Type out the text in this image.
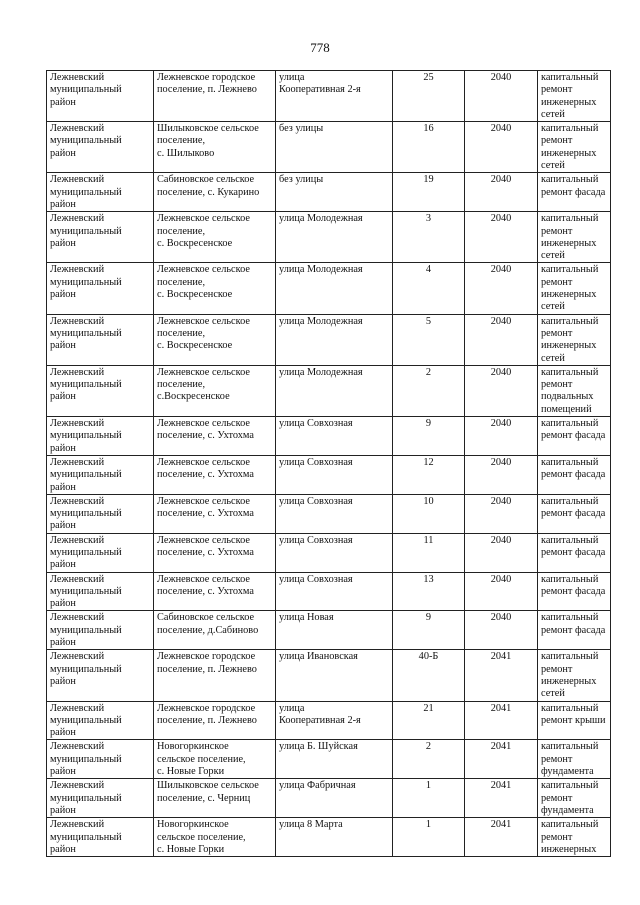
778
Лежневский
муниципальный
район	Лежневское городское
поселение, п. Лежнево	улица
Кооперативная 2-я	25	2040	капитальный
ремонт
инженерных
сетей
Лежневский
муниципальный
район	Шилыковское сельское
поселение,
с. Шилыково	без улицы	16	2040	капитальный
ремонт
инженерных
сетей
Лежневский
муниципальный
район	Сабиновское сельское
поселение, с. Кукарино	без улицы	19	2040	капитальный
ремонт фасада
Лежневский
муниципальный
район	Лежневское сельское
поселение,
с. Воскресенское	улица Молодежная	3	2040	капитальный
ремонт
инженерных
сетей
Лежневский
муниципальный
район	Лежневское сельское
поселение,
с. Воскресенское	улица Молодежная	4	2040	капитальный
ремонт
инженерных
сетей
Лежневский
муниципальный
район	Лежневское сельское
поселение,
с. Воскресенское	улица Молодежная	5	2040	капитальный
ремонт
инженерных
сетей
Лежневский
муниципальный
район	Лежневское сельское
поселение,
с.Воскресенское	улица Молодежная	2	2040	капитальный
ремонт
подвальных
помещений
Лежневский
муниципальный
район	Лежневское сельское
поселение, с. Ухтохма	улица Совхозная	9	2040	капитальный
ремонт фасада
Лежневский
муниципальный
район	Лежневское сельское
поселение, с. Ухтохма	улица Совхозная	12	2040	капитальный
ремонт фасада
Лежневский
муниципальный
район	Лежневское сельское
поселение, с. Ухтохма	улица Совхозная	10	2040	капитальный
ремонт фасада
Лежневский
муниципальный
район	Лежневское сельское
поселение, с. Ухтохма	улица Совхозная	11	2040	капитальный
ремонт фасада
Лежневский
муниципальный
район	Лежневское сельское
поселение, с. Ухтохма	улица Совхозная	13	2040	капитальный
ремонт фасада
Лежневский
муниципальный
район	Сабиновское сельское
поселение, д.Сабиново	улица Новая	9	2040	капитальный
ремонт фасада
Лежневский
муниципальный
район	Лежневское городское
поселение, п. Лежнево	улица Ивановская	40-Б	2041	капитальный
ремонт
инженерных
сетей
Лежневский
муниципальный
район	Лежневское городское
поселение, п. Лежнево	улица
Кооперативная 2-я	21	2041	капитальный
ремонт крыши
Лежневский
муниципальный
район	Новогоркинское
сельское поселение,
с. Новые Горки	улица Б. Шуйская	2	2041	капитальный
ремонт
фундамента
Лежневский
муниципальный
район	Шилыковское сельское
поселение, с. Черниц	улица Фабричная	1	2041	капитальный
ремонт
фундамента
Лежневский
муниципальный
район	Новогоркинское
сельское поселение,
с. Новые Горки	улица 8 Марта	1	2041	капитальный
ремонт
инженерных
